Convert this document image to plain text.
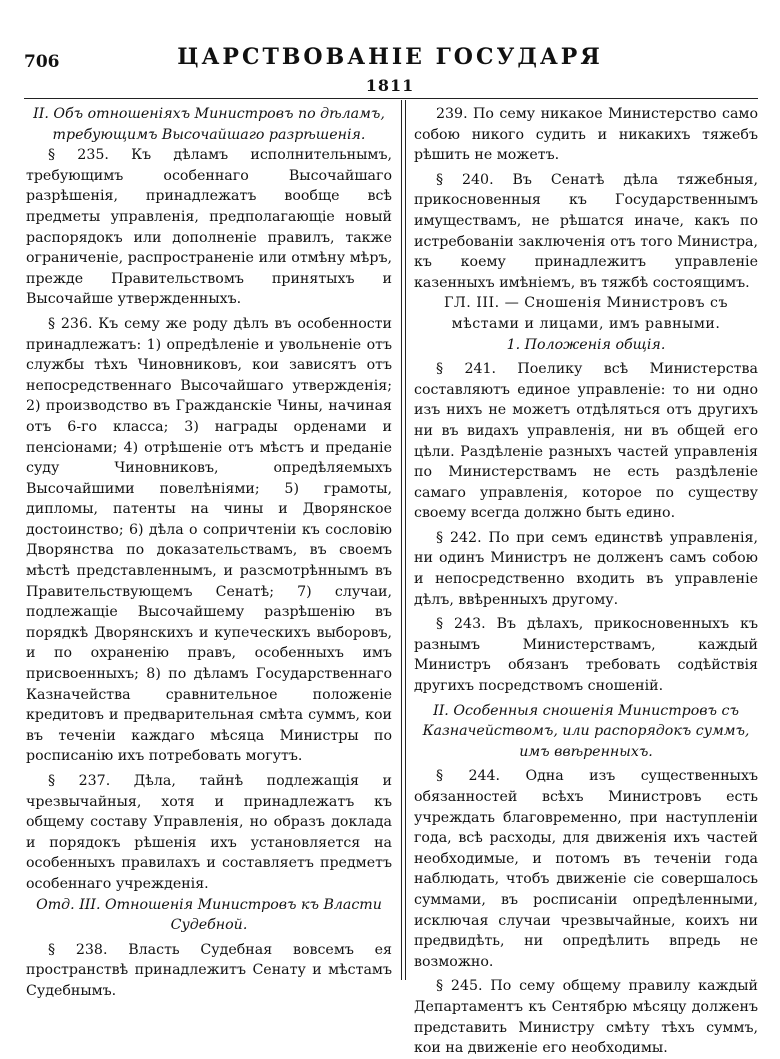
706	ЦАРСТВОВАНІЕ ГОСУДАРЯ
1811

II. Объ отношеніяхъ Министровъ по дѣламъ, требующимъ Высочайшаго разрѣшенія.

§ 235. Къ дѣламъ исполнительнымъ, требующимъ особеннаго Высочайшаго разрѣшенія, принадлежатъ вообще всѣ предметы управленія, предполагающіе новый распорядокъ или дополненіе правилъ, также ограниченіе, распространеніе или отмѣну мѣръ, прежде Правительствомъ принятыхъ и Высочайше утвержденныхъ.

§ 236. Къ сему же роду дѣлъ въ особенности принадлежатъ: 1) опредѣленіе и увольненіе отъ службы тѣхъ Чиновниковъ, кои зависятъ отъ непосредственнаго Высочайшаго утвержденія; 2) производство въ Гражданскіе Чины, начиная отъ 6-го класса; 3) награды орденами и пенсіонами; 4) отрѣшеніе отъ мѣстъ и преданіе суду Чиновниковъ, опредѣляемыхъ Высочайшими повелѣніями; 5) грамоты, дипломы, патенты на чины и Дворянское достоинство; 6) дѣла о сопричтеніи къ сословію Дворянства по доказательствамъ, въ своемъ мѣстѣ представленнымъ, и разсмотрѣннымъ въ Правительствующемъ Сенатѣ; 7) случаи, подлежащіе Высочайшему разрѣшенію въ порядкѣ Дворянскихъ и купеческихъ выборовъ, и по охраненію правъ, особенныхъ имъ присвоенныхъ; 8) по дѣламъ Государственнаго Казначейства сравнительное положеніе кредитовъ и предварительная смѣта суммъ, кои въ теченіи каждаго мѣсяца Министры по росписанію ихъ потребовать могутъ.

§ 237. Дѣла, тайнѣ подлежащія и чрезвычайныя, хотя и принадлежатъ къ общему составу Управленія, но образъ доклада и порядокъ рѣшенія ихъ установляется на особенныхъ правилахъ и составляетъ предметъ особеннаго учрежденія.

Отд. III. Отношенія Министровъ къ Власти Судебной.

§ 238. Власть Судебная вовсемъ ея пространствѣ принадлежитъ Сенату и мѣстамъ Судебнымъ.

239. По сему никакое Министерство само собою никого судить и никакихъ тяжебъ рѣшить не можетъ.

§ 240. Въ Сенатѣ дѣла тяжебныя, прикосновенныя къ Государственнымъ имуществамъ, не рѣшатся иначе, какъ по истребованіи заключенія отъ того Министра, къ коему принадлежитъ управленіе казенныхъ имѣніемъ, въ тяжбѣ состоящимъ.

ГЛ. III. — Сношенія Министровъ съ мѣстами и лицами, имъ равными.

1. Положенія общія.

§ 241. Поелику всѣ Министерства составляютъ единое управленіе: то ни одно изъ нихъ не можетъ отдѣляться отъ другихъ ни въ видахъ управленія, ни въ общей его цѣли. Раздѣленіе разныхъ частей управленія по Министерствамъ не есть раздѣленіе самаго управленія, которое по существу своему всегда должно быть едино.

§ 242. По при семъ единствѣ управленія, ни одинъ Министръ не долженъ самъ собою и непосредственно входить въ управленіе дѣлъ, ввѣренныхъ другому.

§ 243. Въ дѣлахъ, прикосновенныхъ къ разнымъ Министерствамъ, каждый Министръ обязанъ требовать содѣйствія другихъ посредствомъ сношеній.

II. Особенныя сношенія Министровъ съ Казначействомъ, или распорядокъ суммъ, имъ ввѣренныхъ.

§ 244. Одна изъ существенныхъ обязанностей всѣхъ Министровъ есть учреждать благовременно, при наступленіи года, всѣ расходы, для движенія ихъ частей необходимые, и потомъ въ теченіи года наблюдать, чтобъ движеніе сіе совершалось суммами, въ росписаніи опредѣленными, исключая случаи чрезвычайные, коихъ ни предвидѣть, ни опредѣлить впредь не возможно.

§ 245. По сему общему правилу каждый Департаментъ къ Сентябрю мѣсяцу долженъ представить Министру смѣту тѣхъ суммъ, кои на движеніе его необходимы.
